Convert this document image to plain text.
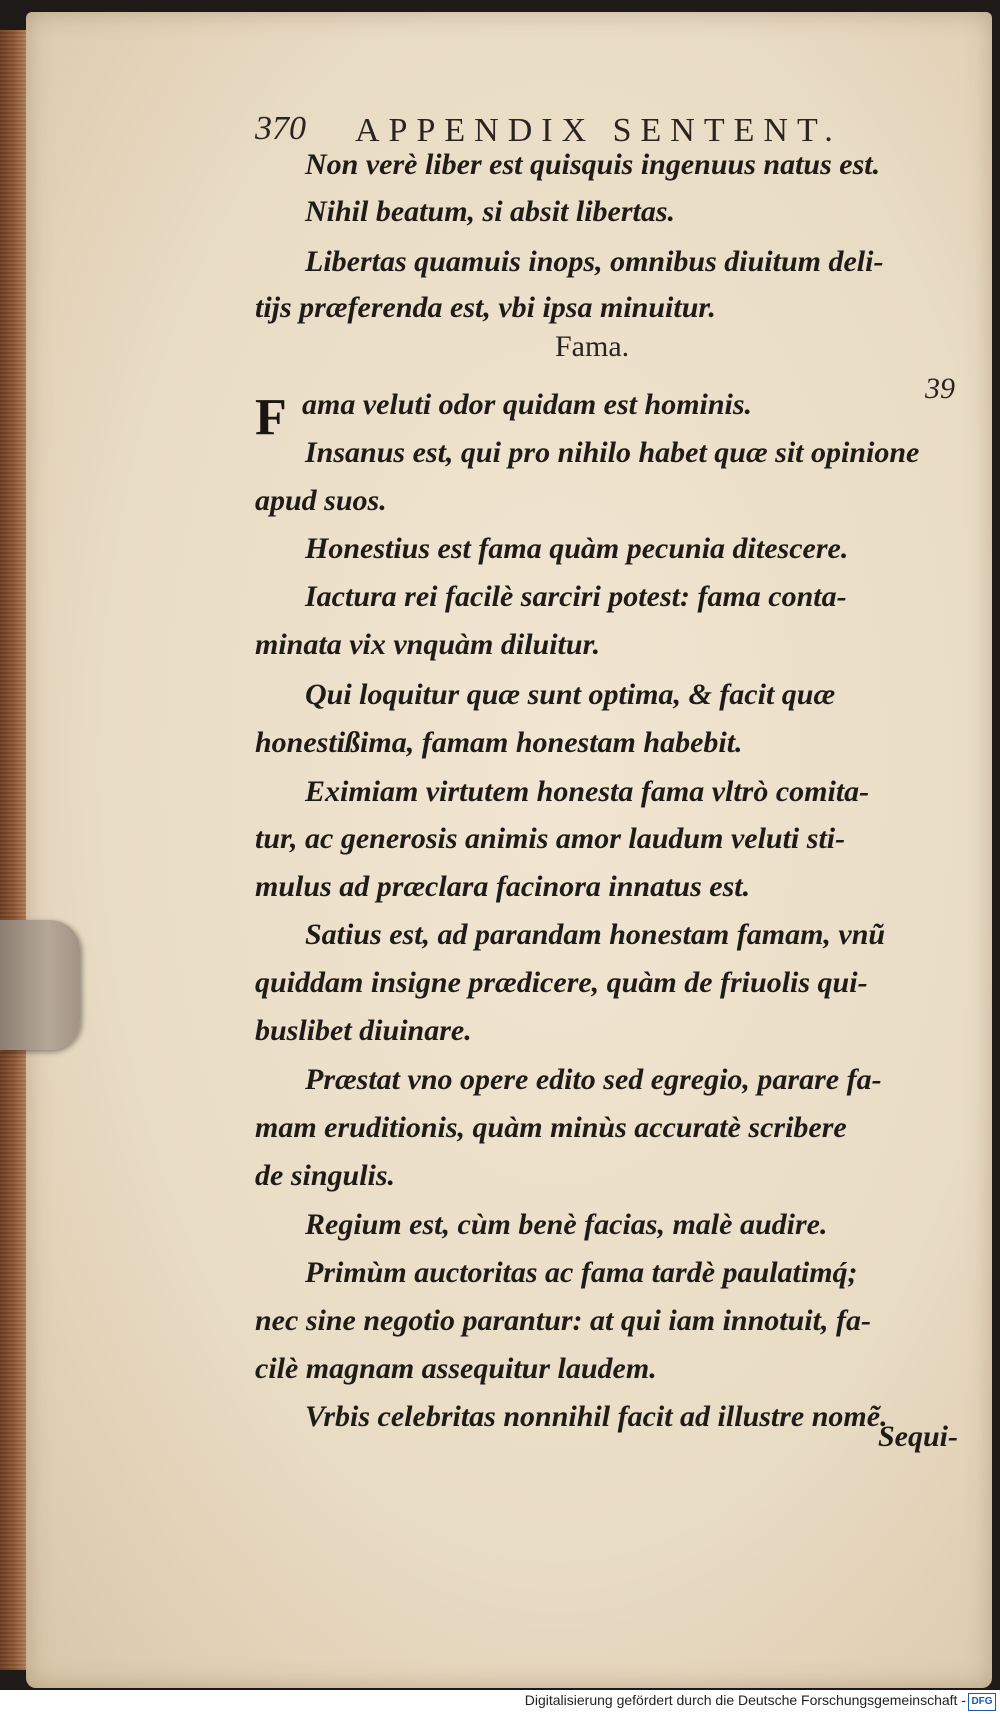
370 APPENDIX SENTENT.
Non verè liber est quisquis ingenuus natus est.
Nihil beatum, si absit libertas.
Libertas quamuis inops, omnibus diuitum deli-
tijs præferenda est, vbi ipsa minuitur.
Fama.
39
F ama veluti odor quidam est hominis.
Insanus est, qui pro nihilo habet quæ sit opinione
apud suos.
Honestius est fama quàm pecunia ditescere.
Iactura rei facilè sarciri potest: fama conta-
minata vix vnquàm diluitur.
Qui loquitur quæ sunt optima, & facit quæ
honestißima, famam honestam habebit.
Eximiam virtutem honesta fama vltrò comita-
tur, ac generosis animis amor laudum veluti sti-
mulus ad præclara facinora innatus est.
Satius est, ad parandam honestam famam, vnũ
quiddam insigne prædicere, quàm de friuolis qui-
buslibet diuinare.
Præstat vno opere edito sed egregio, parare fa-
mam eruditionis, quàm minùs accuratè scribere
de singulis.
Regium est, cùm benè facias, malè audire.
Primùm auctoritas ac fama tardè paulatimq́;
nec sine negotio parantur: at qui iam innotuit, fa-
cilè magnam assequitur laudem.
Vrbis celebritas nonnihil facit ad illustre nomẽ.
Sequi-
Digitalisierung gefördert durch die Deutsche Forschungsgemeinschaft - DFG
